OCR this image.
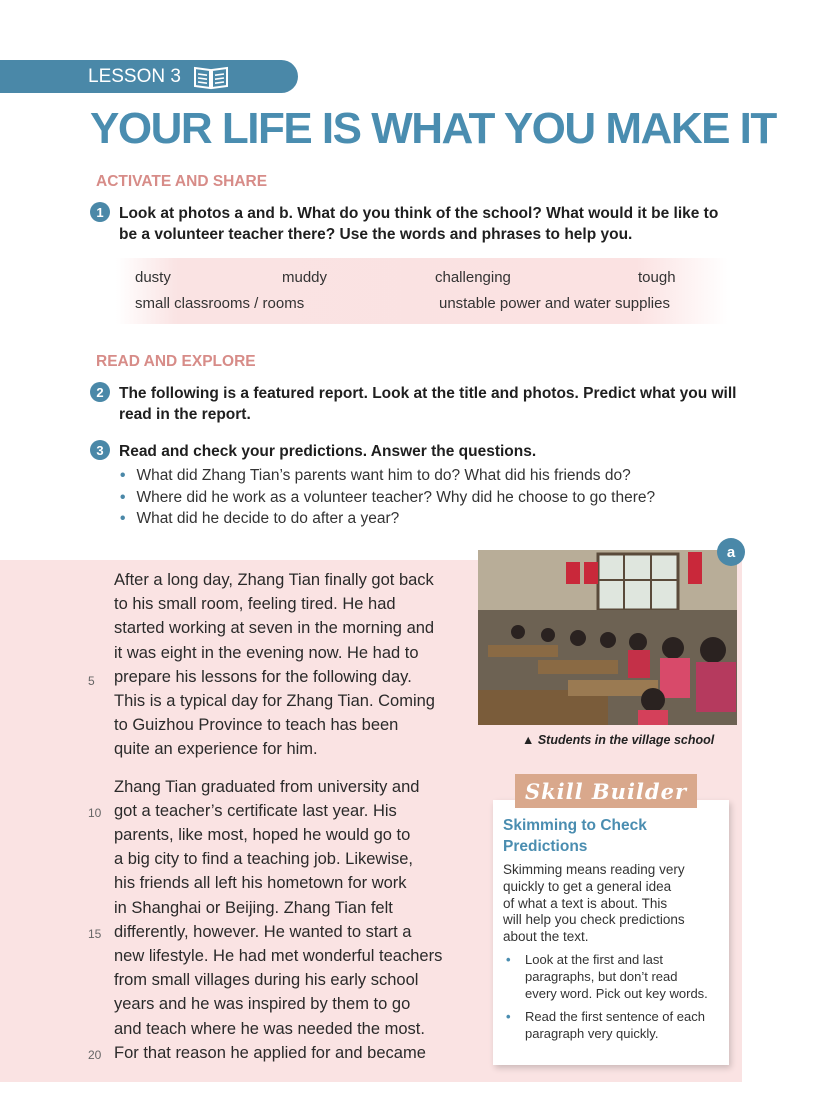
LESSON 3
YOUR LIFE IS WHAT YOU MAKE IT
ACTIVATE AND SHARE
1 Look at photos a and b. What do you think of the school? What would it be like to be a volunteer teacher there? Use the words and phrases to help you.
dusty	muddy	challenging	tough
small classrooms / rooms	unstable power and water supplies
READ AND EXPLORE
2 The following is a featured report. Look at the title and photos. Predict what you will read in the report.
3 Read and check your predictions. Answer the questions.
• What did Zhang Tian’s parents want him to do? What did his friends do?
• Where did he work as a volunteer teacher? Why did he choose to go there?
• What did he decide to do after a year?

After a long day, Zhang Tian finally got back
to his small room, feeling tired. He had
started working at seven in the morning and
it was eight in the evening now. He had to
prepare his lessons for the following day.
This is a typical day for Zhang Tian. Coming
to Guizhou Province to teach has been
quite an experience for him.

Zhang Tian graduated from university and
got a teacher’s certificate last year. His
parents, like most, hoped he would go to
a big city to find a teaching job. Likewise,
his friends all left his hometown for work
in Shanghai or Beijing. Zhang Tian felt
differently, however. He wanted to start a
new lifestyle. He had met wonderful teachers
from small villages during his early school
years and he was inspired by them to go
and teach where he was needed the most.
For that reason he applied for and became

5
10
15
20
a
▲ Students in the village school
Skill Builder
Skimming to Check Predictions
Skimming means reading very
quickly to get a general idea
of what a text is about. This
will help you check predictions
about the text.
• Look at the first and last
paragraphs, but don’t read
every word. Pick out key words.
• Read the first sentence of each
paragraph very quickly.
